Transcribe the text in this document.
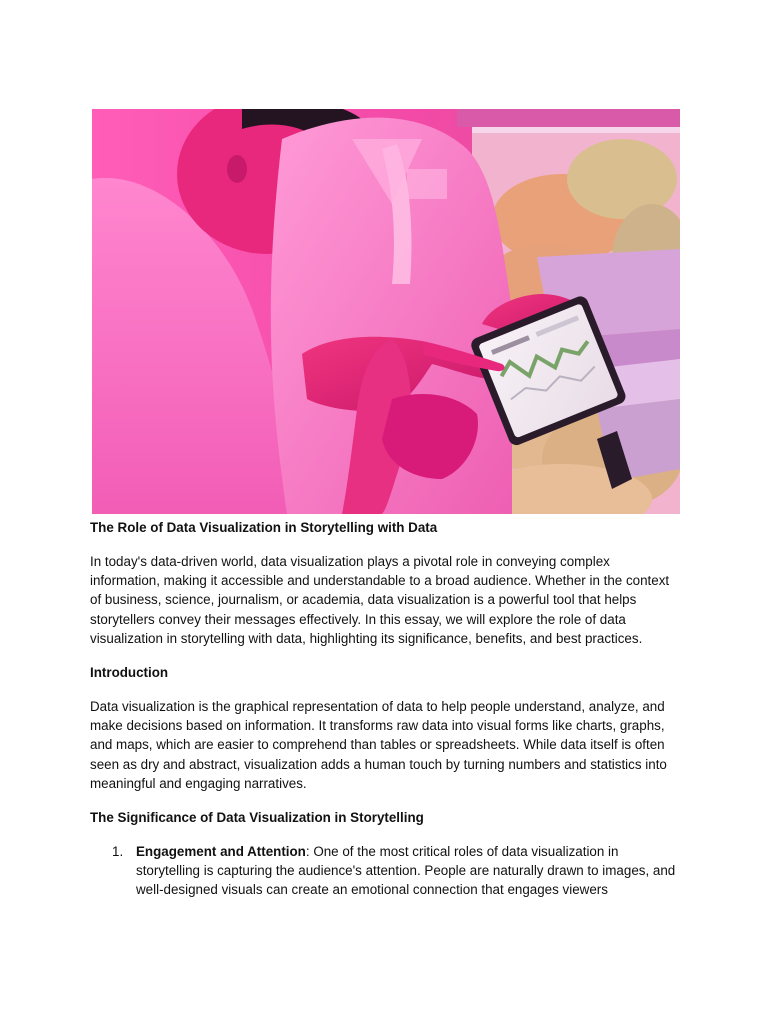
The Role of Data Visualization in Storytelling with Data

In today's data-driven world, data visualization plays a pivotal role in conveying complex information, making it accessible and understandable to a broad audience. Whether in the context of business, science, journalism, or academia, data visualization is a powerful tool that helps storytellers convey their messages effectively. In this essay, we will explore the role of data visualization in storytelling with data, highlighting its significance, benefits, and best practices.

Introduction

Data visualization is the graphical representation of data to help people understand, analyze, and make decisions based on information. It transforms raw data into visual forms like charts, graphs, and maps, which are easier to comprehend than tables or spreadsheets. While data itself is often seen as dry and abstract, visualization adds a human touch by turning numbers and statistics into meaningful and engaging narratives.

The Significance of Data Visualization in Storytelling
1. Engagement and Attention: One of the most critical roles of data visualization in storytelling is capturing the audience's attention. People are naturally drawn to images, and well-designed visuals can create an emotional connection that engages viewers
